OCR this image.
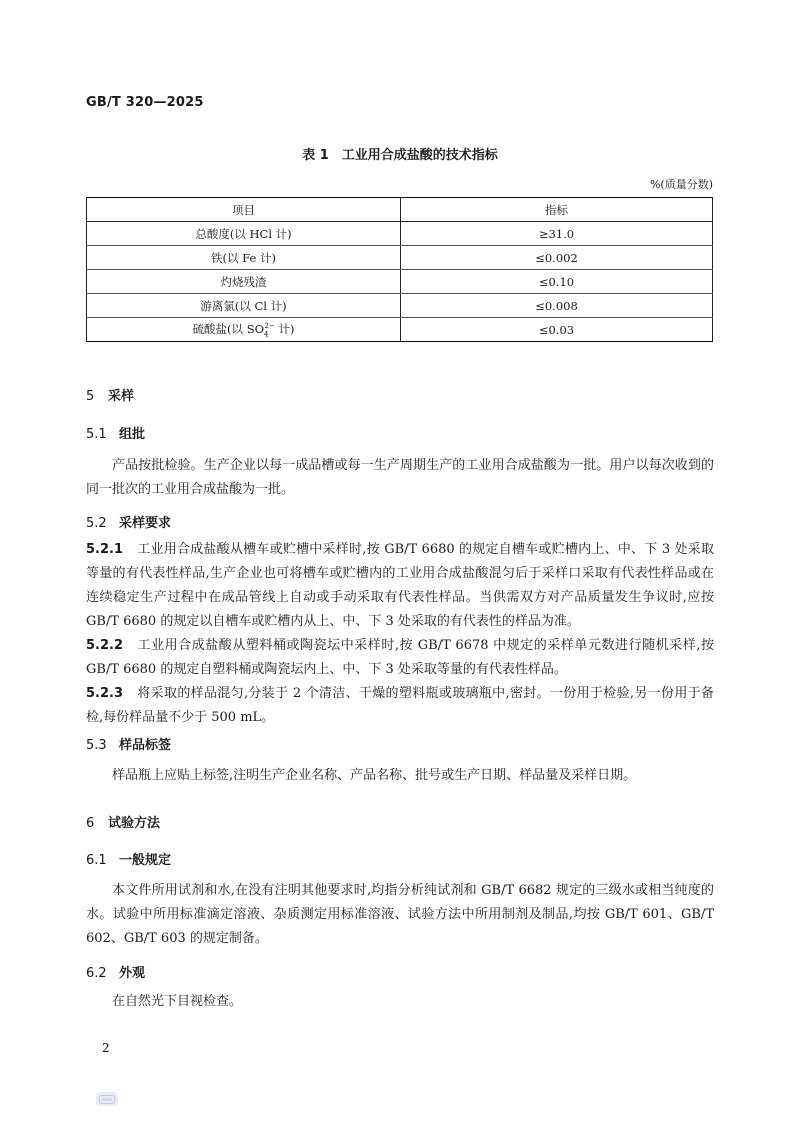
GB/T 320—2025
表 1　工业用合成盐酸的技术指标
%(质量分数)
项目	指标
总酸度(以 HCl 计)	≥31.0
铁(以 Fe 计)	≤0.002
灼烧残渣	≤0.10
游离氯(以 Cl 计)	≤0.008
硫酸盐(以 $SO_4^{2-}$ 计)	≤0.03
5 采样
5.1 组批
产品按批检验。生产企业以每一成品槽或每一生产周期生产的工业用合成盐酸为一批。用户以每次收到的同一批次的工业用合成盐酸为一批。
5.2 采样要求
5.2.1 工业用合成盐酸从槽车或贮槽中采样时,按 GB/T 6680 的规定自槽车或贮槽内上、中、下 3 处采取等量的有代表性样品,生产企业也可将槽车或贮槽内的工业用合成盐酸混匀后于采样口采取有代表性样品或在连续稳定生产过程中在成品管线上自动或手动采取有代表性样品。当供需双方对产品质量发生争议时,应按 GB/T 6680 的规定以自槽车或贮槽内从上、中、下 3 处采取的有代表性的样品为准。
5.2.2 工业用合成盐酸从塑料桶或陶瓷坛中采样时,按 GB/T 6678 中规定的采样单元数进行随机采样,按 GB/T 6680 的规定自塑料桶或陶瓷坛内上、中、下 3 处采取等量的有代表性样品。
5.2.3 将采取的样品混匀,分装于 2 个清洁、干燥的塑料瓶或玻璃瓶中,密封。一份用于检验,另一份用于备检,每份样品量不少于 500 mL。
5.3 样品标签
样品瓶上应贴上标签,注明生产企业名称、产品名称、批号或生产日期、样品量及采样日期。
6 试验方法
6.1 一般规定
本文件所用试剂和水,在没有注明其他要求时,均指分析纯试剂和 GB/T 6682 规定的三级水或相当纯度的水。试验中所用标准滴定溶液、杂质测定用标准溶液、试验方法中所用制剂及制品,均按 GB/T 601、GB/T 602、GB/T 603 的规定制备。
6.2 外观
在自然光下目视检查。
2
